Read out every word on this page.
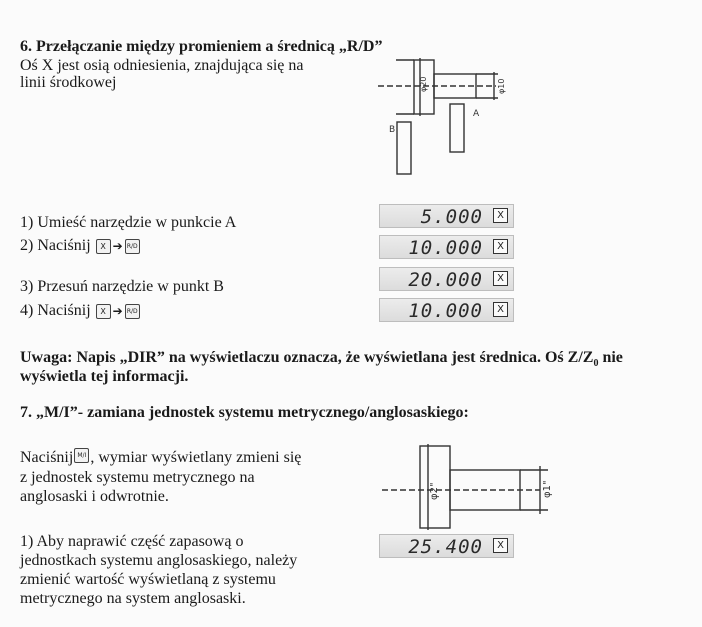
6. Przełączanie między promieniem a średnicą „R/D”
Oś X jest osią odniesienia, znajdująca się na
linii środkowej	φ20	φ10
A
B
1) Umieść narzędzie w punkcie A
2) Naciśnij X ➔ R/D
3) Przesuń narzędzie w punkt B
4) Naciśnij X ➔ R/D
5.000	X
10.000	X
20.000	X
10.000	X
Uwaga: Napis „DIR” na wyświetlaczu oznacza, że wyświetlana jest średnica. Oś $Z/Z_0$ nie
wyświetla tej informacji.
7. „M/I”- zamiana jednostek systemu metrycznego/anglosaskiego:
Naciśnij M/I , wymiar wyświetlany zmieni się
z jednostek systemu metrycznego na
anglosaski i odwrotnie.
1) Aby naprawić część zapasową o
jednostkach systemu anglosaskiego, należy
zmienić wartość wyświetlaną z systemu
metrycznego na system anglosaski.
φ2"	φ1"
25.400	X
